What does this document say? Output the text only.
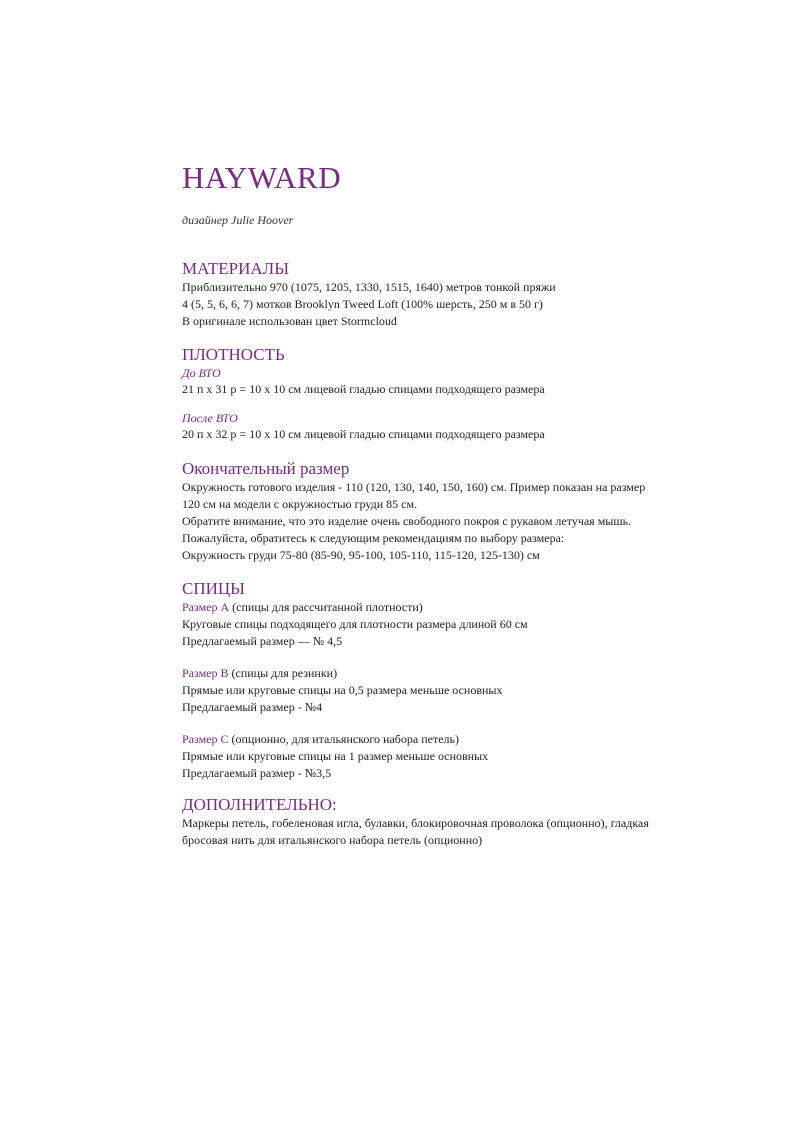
HAYWARD
дизайнер Julie Hoover
МАТЕРИАЛЫ

Приблизительно 970 (1075, 1205, 1330, 1515, 1640) метров тонкой пряжи

4 (5, 5, 6, 6, 7) мотков Brooklyn Tweed Loft (100% шерсть, 250 м в 50 г)

В оригинале использован цвет Stormcloud

ПЛОТНОСТЬ

До ВТО

21 п x 31 р = 10 x 10 см лицевой гладью спицами подходящего размера

После ВТО

20 п x 32 р = 10 x 10 см лицевой гладью спицами подходящего размера

Окончательный размер

Окружность готового изделия - 110 (120, 130, 140, 150, 160) см. Пример показан на размер

120 см на модели с окружностью груди 85 см.

Обратите внимание, что это изделие очень свободного покроя с рукавом летучая мышь.

Пожалуйста, обратитесь к следующим рекомендациям по выбору размера:

Окружность груди 75-80 (85-90, 95-100, 105-110, 115-120, 125-130) см

СПИЦЫ

Размер А (спицы для рассчитанной плотности)

Круговые спицы подходящего для плотности размера длиной 60 см

Предлагаемый размер — № 4,5

Размер В (спицы для резинки)

Прямые или круговые спицы на 0,5 размера меньше основных

Предлагаемый размер - №4

Размер С (опционно, для итальянского набора петель)

Прямые или круговые спицы на 1 размер меньше основных

Предлагаемый размер - №3,5

ДОПОЛНИТЕЛЬНО:

Маркеры петель, гобеленовая игла, булавки, блокировочная проволока (опционно), гладкая

бросовая нить для итальянского набора петель (опционно)
